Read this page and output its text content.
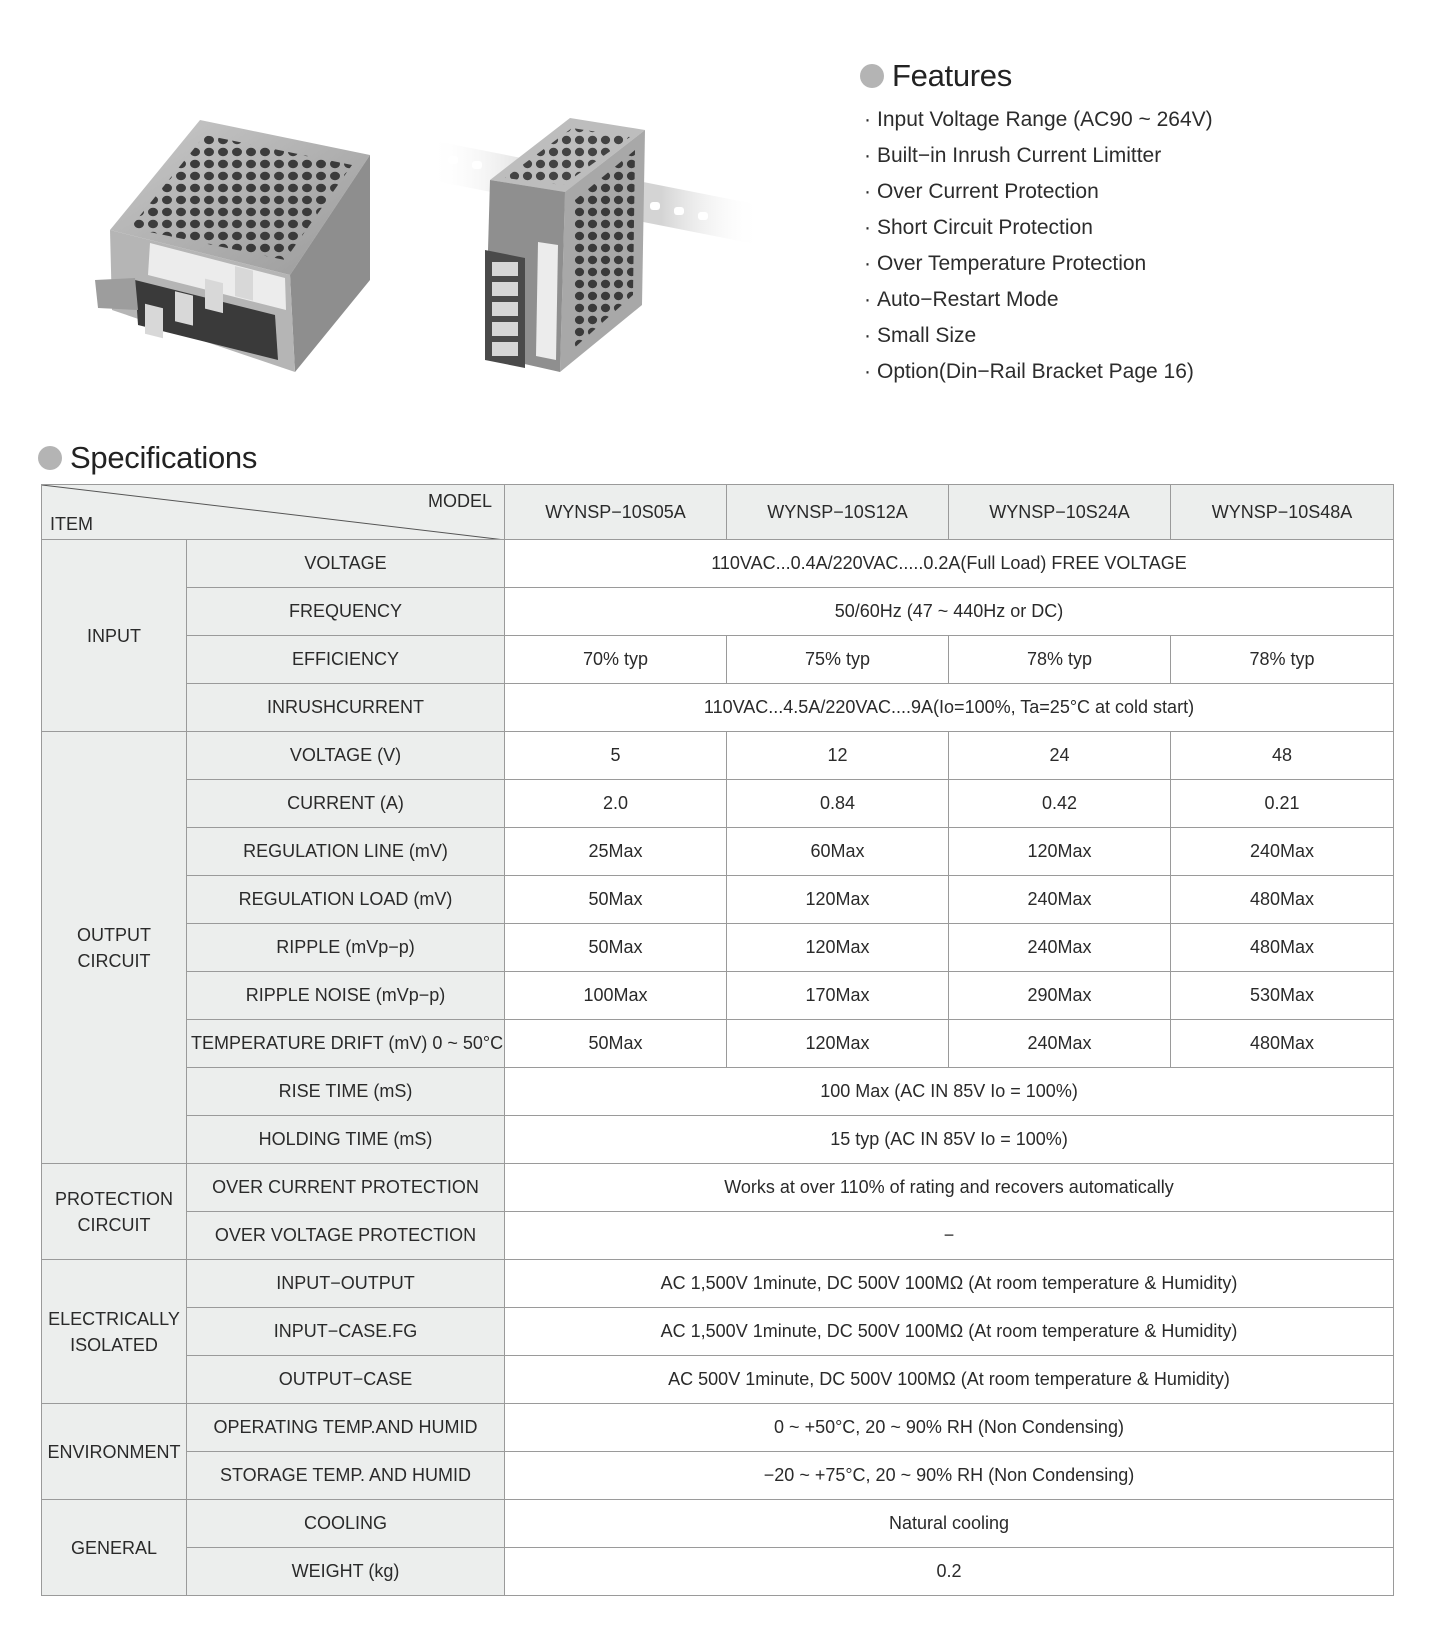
Features
· Input Voltage Range (AC90 ~ 264V)
· Built−in Inrush Current Limitter
· Over Current Protection
· Short Circuit Protection
· Over Temperature Protection
· Auto−Restart Mode
· Small Size
· Option(Din−Rail Bracket Page 16)
Specifications
MODEL
ITEM		WYNSP−10S05A	WYNSP−10S12A	WYNSP−10S24A	WYNSP−10S48A
INPUT	VOLTAGE	110VAC...0.4A/220VAC.....0.2A(Full Load) FREE VOLTAGE			
	FREQUENCY	50/60Hz (47 ~ 440Hz or DC)			
	EFFICIENCY	70% typ	75% typ	78% typ	78% typ
	INRUSHCURRENT	110VAC...4.5A/220VAC....9A(Io=100%, Ta=25°C at cold start)			
OUTPUT CIRCUIT	VOLTAGE (V)	5	12	24	48
	CURRENT (A)	2.0	0.84	0.42	0.21
	REGULATION LINE (mV)	25Max	60Max	120Max	240Max
	REGULATION LOAD (mV)	50Max	120Max	240Max	480Max
	RIPPLE (mVp−p)	50Max	120Max	240Max	480Max
	RIPPLE NOISE (mVp−p)	100Max	170Max	290Max	530Max
	TEMPERATURE DRIFT (mV) 0 ~ 50°C	50Max	120Max	240Max	480Max
	RISE TIME (mS)	100 Max (AC IN 85V Io = 100%)			
	HOLDING TIME (mS)	15 typ (AC IN 85V Io = 100%)			
PROTECTION CIRCUIT	OVER CURRENT PROTECTION	Works at over 110% of rating and recovers automatically			
	OVER VOLTAGE PROTECTION	−			
ELECTRICALLY ISOLATED	INPUT−OUTPUT	AC 1,500V 1minute, DC 500V 100MΩ (At room temperature & Humidity)			
	INPUT−CASE.FG	AC 1,500V 1minute, DC 500V 100MΩ (At room temperature & Humidity)			
	OUTPUT−CASE	AC 500V 1minute, DC 500V 100MΩ (At room temperature & Humidity)			
ENVIRONMENT	OPERATING TEMP.AND HUMID	0 ~ +50°C, 20 ~ 90% RH (Non Condensing)			
	STORAGE TEMP. AND HUMID	−20 ~ +75°C, 20 ~ 90% RH (Non Condensing)			
GENERAL	COOLING	Natural cooling			
	WEIGHT (kg)	0.2			
